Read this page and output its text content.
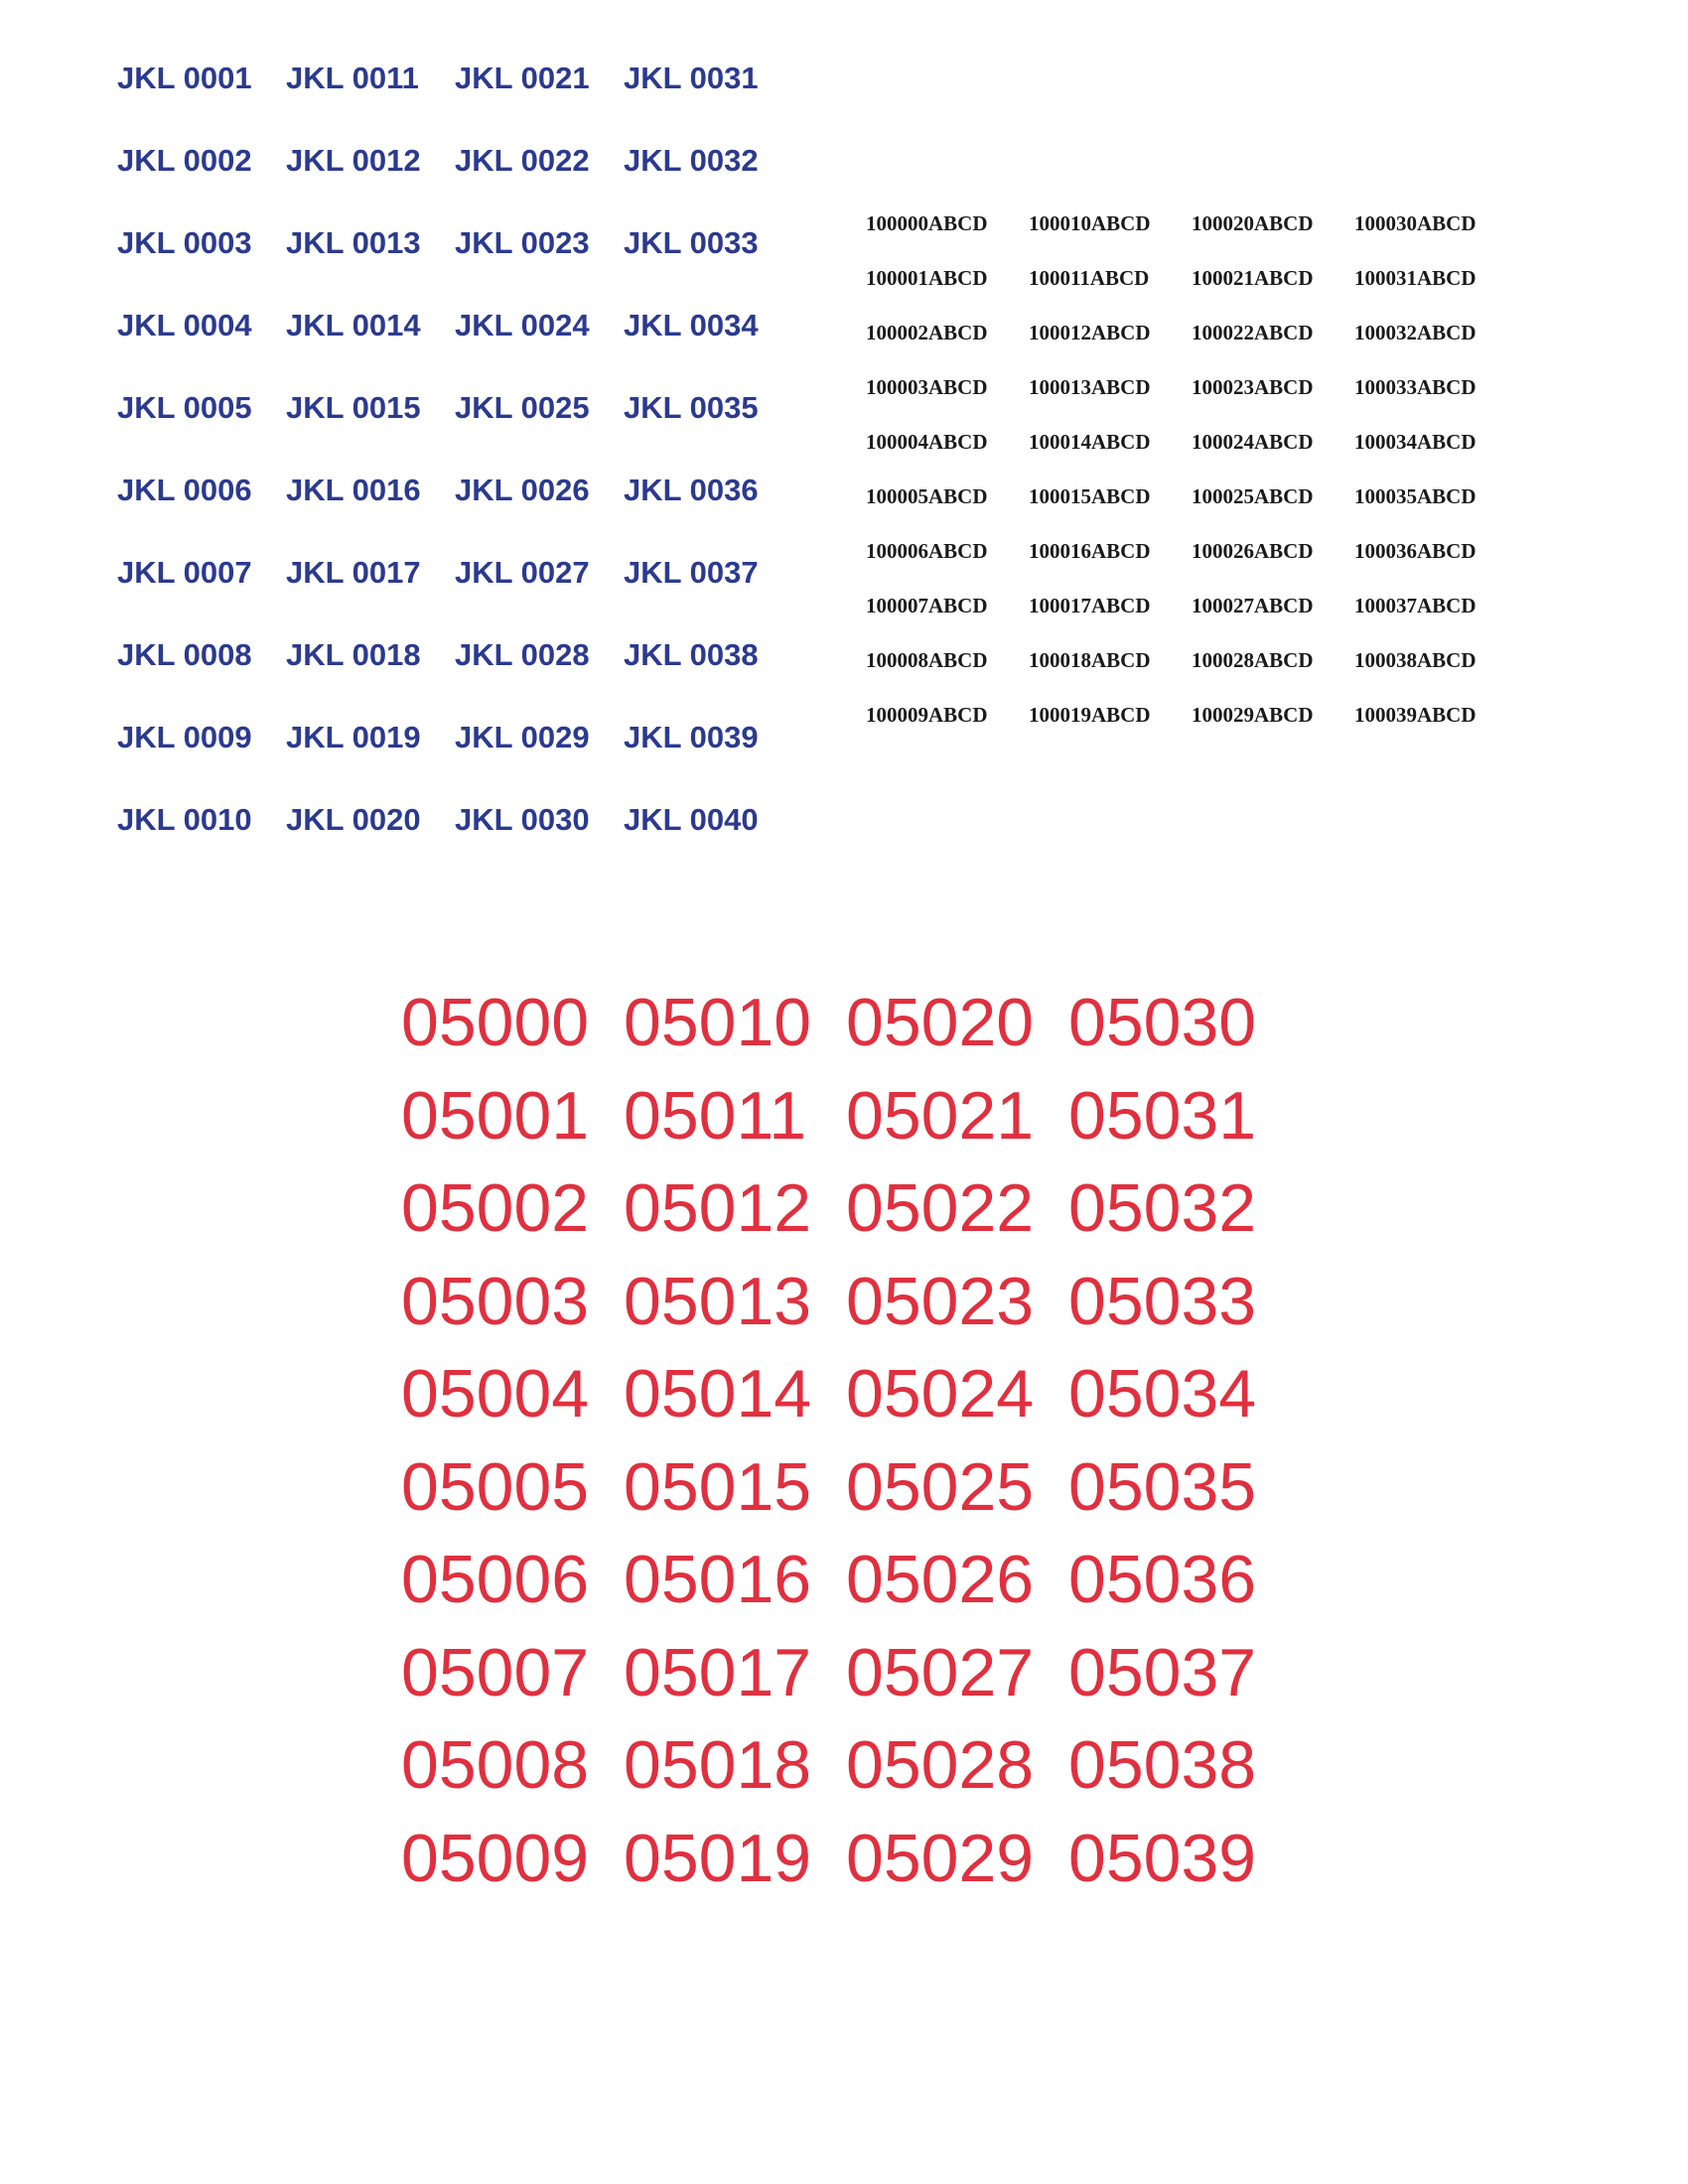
JKL 0001
JKL 0002
JKL 0003
JKL 0004
JKL 0005
JKL 0006
JKL 0007
JKL 0008
JKL 0009
JKL 0010
JKL 0011
JKL 0012
JKL 0013
JKL 0014
JKL 0015
JKL 0016
JKL 0017
JKL 0018
JKL 0019
JKL 0020
JKL 0021
JKL 0022
JKL 0023
JKL 0024
JKL 0025
JKL 0026
JKL 0027
JKL 0028
JKL 0029
JKL 0030
JKL 0031
JKL 0032
JKL 0033
JKL 0034
JKL 0035
JKL 0036
JKL 0037
JKL 0038
JKL 0039
JKL 0040
100000ABCD
100001ABCD
100002ABCD
100003ABCD
100004ABCD
100005ABCD
100006ABCD
100007ABCD
100008ABCD
100009ABCD
100010ABCD
100011ABCD
100012ABCD
100013ABCD
100014ABCD
100015ABCD
100016ABCD
100017ABCD
100018ABCD
100019ABCD
100020ABCD
100021ABCD
100022ABCD
100023ABCD
100024ABCD
100025ABCD
100026ABCD
100027ABCD
100028ABCD
100029ABCD
100030ABCD
100031ABCD
100032ABCD
100033ABCD
100034ABCD
100035ABCD
100036ABCD
100037ABCD
100038ABCD
100039ABCD
05000
05001
05002
05003
05004
05005
05006
05007
05008
05009
05010
05011
05012
05013
05014
05015
05016
05017
05018
05019
05020
05021
05022
05023
05024
05025
05026
05027
05028
05029
05030
05031
05032
05033
05034
05035
05036
05037
05038
05039
